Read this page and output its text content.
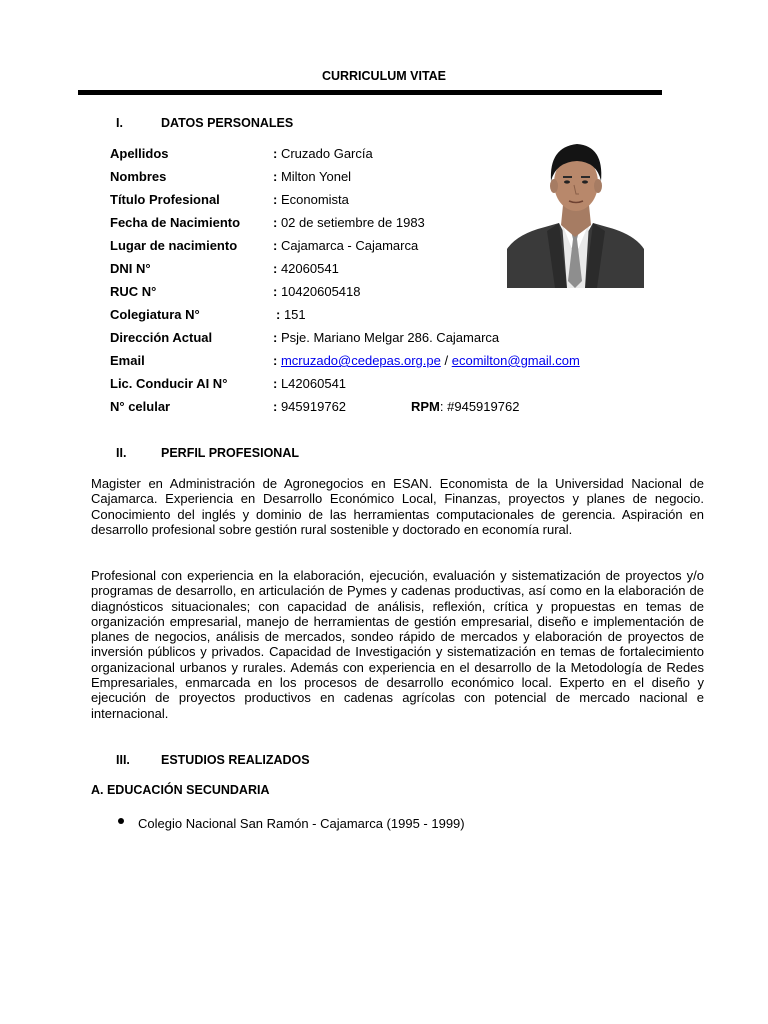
CURRICULUM VITAE
I.	DATOS PERSONALES
Apellidos	: Cruzado García
Nombres	: Milton Yonel
Título Profesional	: Economista
Fecha de Nacimiento	: 02 de setiembre de 1983
Lugar de nacimiento	: Cajamarca - Cajamarca
DNI N°	: 42060541
RUC N°	: 10420605418
Colegiatura N°	: 151
Dirección Actual	: Psje. Mariano Melgar 286. Cajamarca
Email	: mcruzado@cedepas.org.pe / ecomilton@gmail.com
Lic. Conducir AI N°	: L42060541
N° celular	: 945919762	RPM: #945919762
II.	PERFIL PROFESIONAL

Magister en Administración de Agronegocios en ESAN. Economista de la Universidad Nacional de Cajamarca. Experiencia en Desarrollo Económico Local, Finanzas, proyectos y planes de negocio. Conocimiento del inglés y dominio de las herramientas computacionales de gerencia. Aspiración en desarrollo profesional sobre gestión rural sostenible y doctorado en economía rural.

Profesional con experiencia en la elaboración, ejecución, evaluación y sistematización de proyectos y/o programas de desarrollo, en articulación de Pymes y cadenas productivas, así como en la elaboración de diagnósticos situacionales; con capacidad de análisis, reflexión, crítica y propuestas en temas de organización empresarial, manejo de herramientas de gestión empresarial, diseño e implementación de planes de negocios, análisis de mercados, sondeo rápido de mercados y elaboración de proyectos de inversión públicos y privados. Capacidad de Investigación y sistematización en temas de fortalecimiento organizacional urbanos y rurales. Además con experiencia en el desarrollo de la Metodología de Redes Empresariales, enmarcada en los procesos de desarrollo económico local. Experto en el diseño y ejecución de proyectos productivos en cadenas agrícolas con potencial de mercado nacional e internacional.

III. ESTUDIOS REALIZADOS
A. EDUCACIÓN SECUNDARIA
Colegio Nacional San Ramón - Cajamarca (1995 - 1999)
